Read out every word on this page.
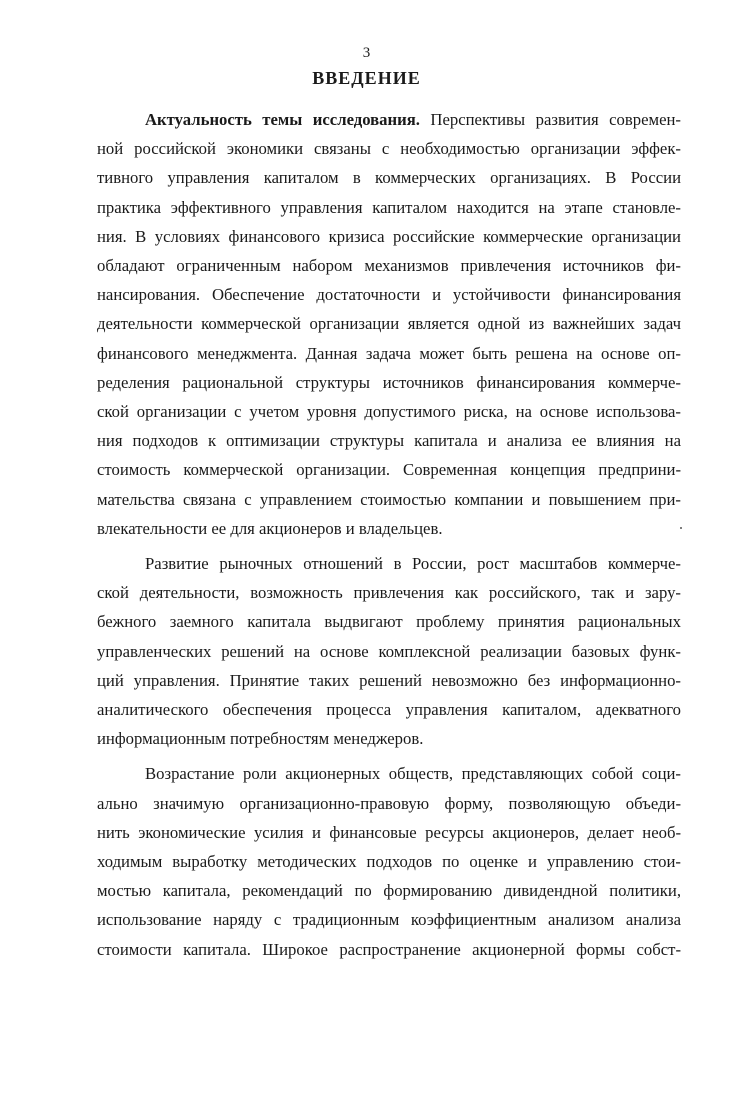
3
ВВЕДЕНИЕ

Актуальность темы исследования. Перспективы развития современ-
ной российской экономики связаны с необходимостью организации эффек-
тивного управления капиталом в коммерческих организациях. В России
практика эффективного управления капиталом находится на этапе становле-
ния. В условиях финансового кризиса российские коммерческие организации
обладают ограниченным набором механизмов привлечения источников фи-
нансирования. Обеспечение достаточности и устойчивости финансирования
деятельности коммерческой организации является одной из важнейших задач
финансового менеджмента. Данная задача может быть решена на основе оп-
ределения рациональной структуры источников финансирования коммерче-
ской организации с учетом уровня допустимого риска, на основе использова-
ния подходов к оптимизации структуры капитала и анализа ее влияния на
стоимость коммерческой организации. Современная концепция предприни-
мательства связана с управлением стоимостью компании и повышением при-
влекательности ее для акционеров и владельцев.

Развитие рыночных отношений в России, рост масштабов коммерче-
ской деятельности, возможность привлечения как российского, так и зару-
бежного заемного капитала выдвигают проблему принятия рациональных
управленческих решений на основе комплексной реализации базовых функ-
ций управления. Принятие таких решений невозможно без информационно-
аналитического обеспечения процесса управления капиталом, адекватного
информационным потребностям менеджеров.

Возрастание роли акционерных обществ, представляющих собой соци-
ально значимую организационно-правовую форму, позволяющую объеди-
нить экономические усилия и финансовые ресурсы акционеров, делает необ-
ходимым выработку методических подходов по оценке и управлению стои-
мостью капитала, рекомендаций по формированию дивидендной политики,
использование наряду с традиционным коэффициентным анализом анализа
стоимости капитала. Широкое распространение акционерной формы собст-
